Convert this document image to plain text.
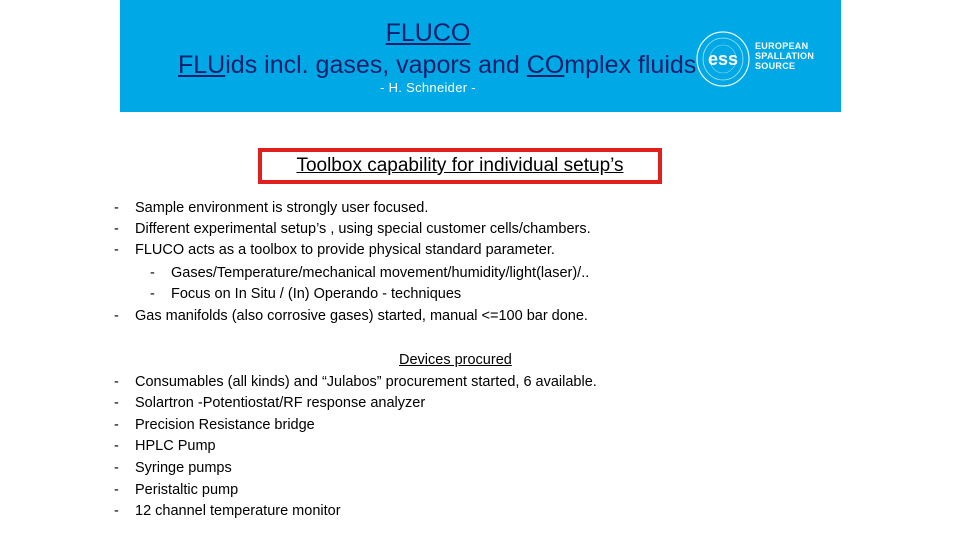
FLUCO
FLUids incl. gases, vapors and COmplex fluids
- H. Schneider -
ess
EUROPEAN
SPALLATION
SOURCE
Toolbox capability for individual setup’s
- Sample environment is strongly user focused.
- Different experimental setup’s , using special customer cells/chambers.
- FLUCO acts as a toolbox to provide physical standard parameter.
- Gases/Temperature/mechanical movement/humidity/light(laser)/..
- Focus on In Situ / (In) Operando - techniques
- Gas manifolds (also corrosive gases) started, manual <=100 bar done.
Devices procured
- Consumables (all kinds) and “Julabos” procurement started, 6 available.
- Solartron -Potentiostat/RF response analyzer
- Precision Resistance bridge
- HPLC Pump
- Syringe pumps
- Peristaltic pump
- 12 channel temperature monitor
